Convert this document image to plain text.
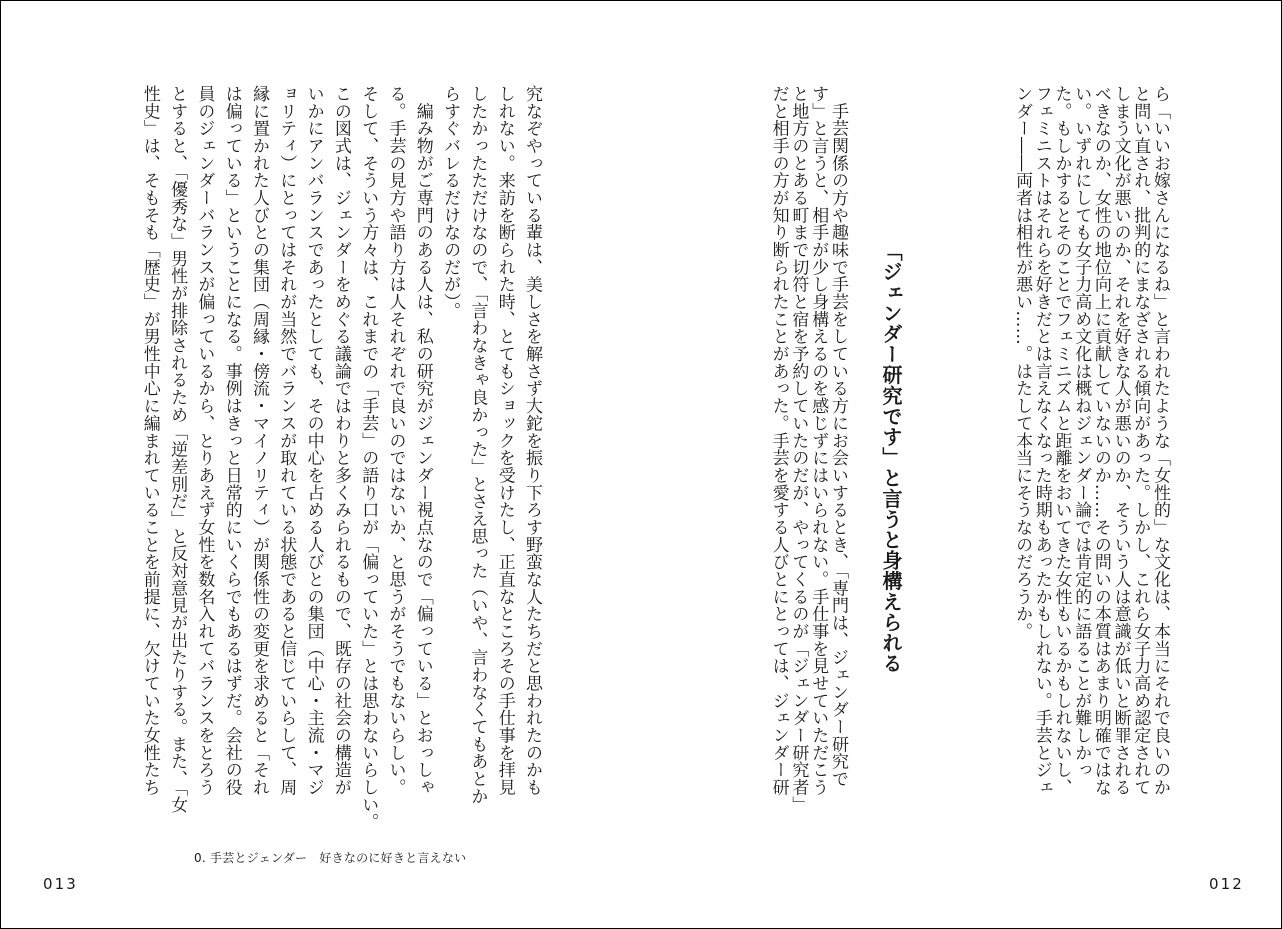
「ジェンダー研究です」と言うと身構えられる
012
0. 手芸とジェンダー　好きなのに好きと言えない
013
ら「いいお嫁さんになるね」と言われたような「女性的」な文化は、本当にそれで良いのか
と問い直され、批判的にまなざされる傾向があった。しかし、これら女子力高め認定されて
しまう文化が悪いのか、それを好きな人が悪いのか、そういう人は意識が低いと断罪される
べきなのか、女性の地位向上に貢献していないのか……その問いの本質はあまり明確ではな
い。いずれにしても女子力高め文化は概ねジェンダー論では肯定的に語ることが難しかっ
た。もしかするとそのことでフェミニズムと距離をおいてきた女性もいるかもしれないし、
フェミニストはそれらを好きだとは言えなくなった時期もあったかもしれない。手芸とジェ
ンダー――両者は相性が悪い……。はたして本当にそうなのだろうか。
　手芸関係の方や趣味で手芸をしている方にお会いするとき、「専門は、ジェンダー研究で
す」と言うと、相手が少し身構えるのを感じずにはいられない。手仕事を見せていただこう
と地方のとある町まで切符と宿を予約していたのだが、やってくるのが「ジェンダー研究者」
だと相手の方が知り断られたことがあった。手芸を愛する人びとにとっては、ジェンダー研
究なぞやっている輩は、美しさを解さず大鉈を振り下ろす野蛮な人たちだと思われたのかも
しれない。来訪を断られた時、とてもショックを受けたし、正直なところその手仕事を拝見
したかったただけなので、「言わなきゃ良かった」とさえ思った（いや、言わなくてもあとか
らすぐバレるだけなのだが）。
　編み物がご専門のある人は、私の研究がジェンダー視点なので「偏っている」とおっしゃ
る。手芸の見方や語り方は人それぞれで良いのではないか、と思うがそうでもないらしい。
そして、そういう方々は、これまでの「手芸」の語り口が「偏っていた」とは思わないらしい。
この図式は、ジェンダーをめぐる議論ではわりと多くみられるもので、既存の社会の構造が
いかにアンバランスであったとしても、その中心を占める人びとの集団（中心・主流・マジ
ョリティ）にとってはそれが当然でバランスが取れている状態であると信じていらして、周
縁に置かれた人びとの集団（周縁・傍流・マイノリティ）が関係性の変更を求めると「それ
は偏っている」ということになる。事例はきっと日常的にいくらでもあるはずだ。会社の役
員のジェンダーバランスが偏っているから、とりあえず女性を数名入れてバランスをとろう
とすると、「優秀な」男性が排除されるため「逆差別だ」と反対意見が出たりする。また、「女
性史」は、そもそも「歴史」が男性中心に編まれていることを前提に、欠けていた女性たち
